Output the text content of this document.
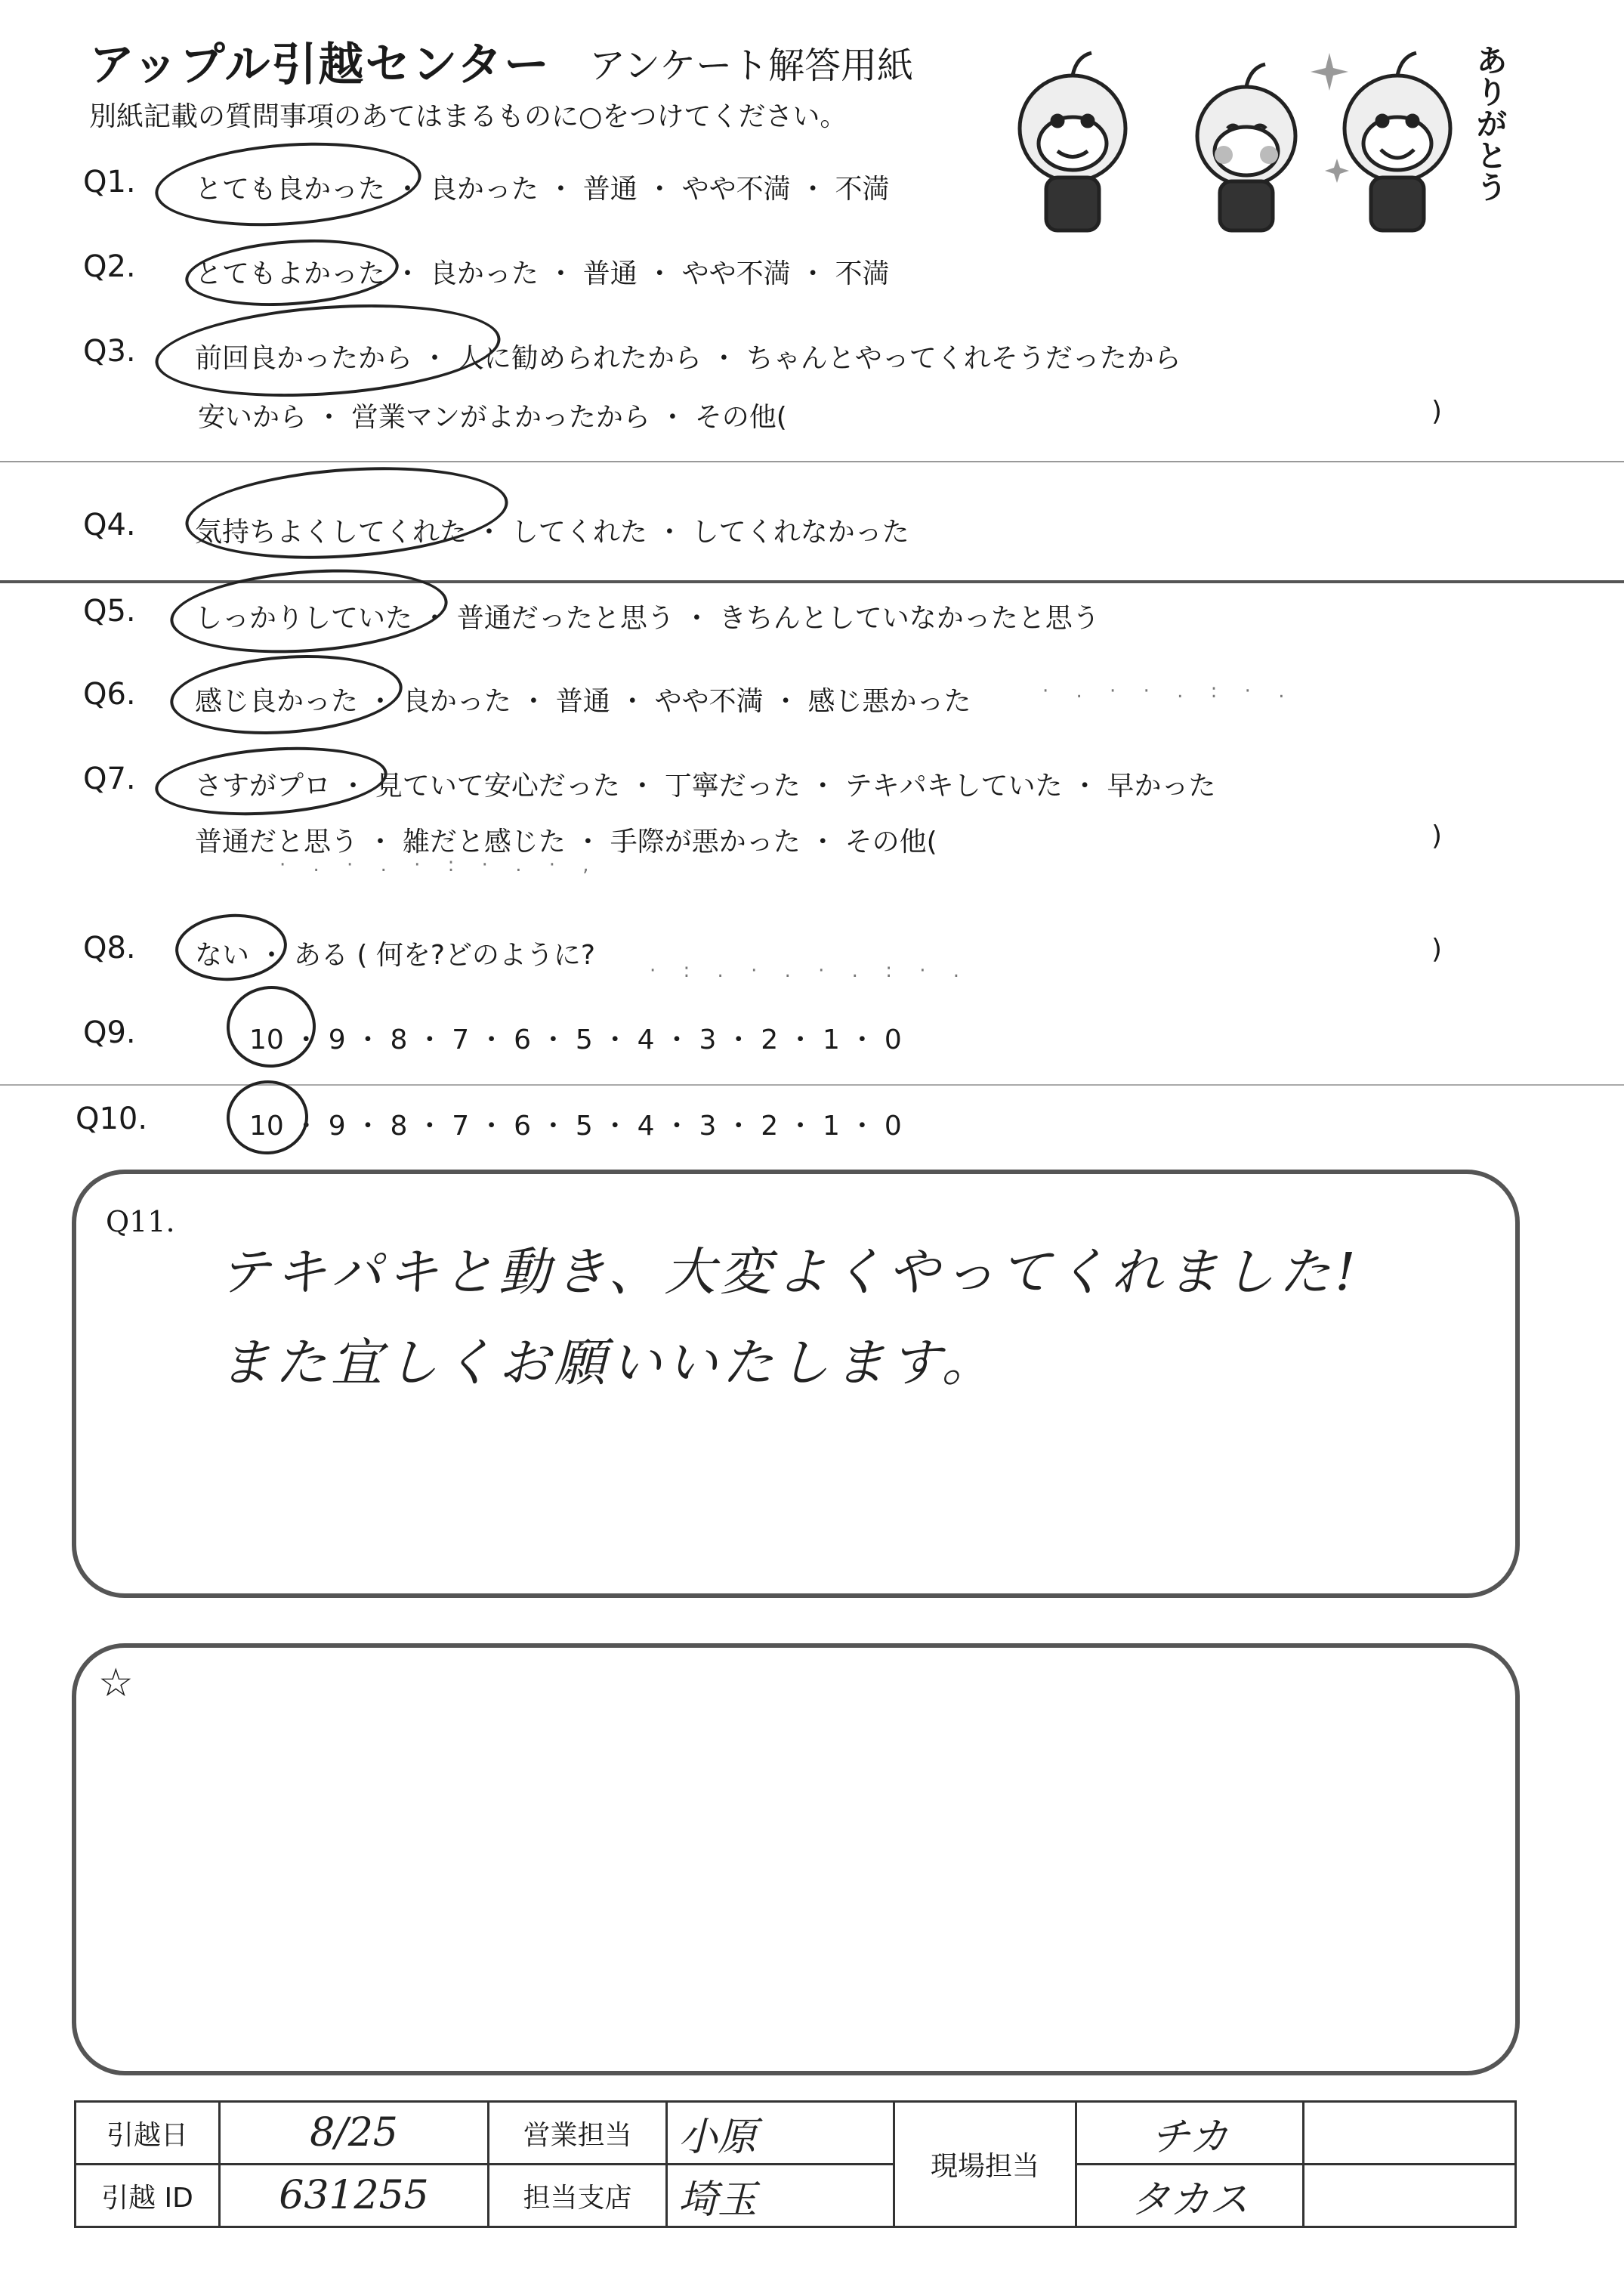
アップル引越センター アンケート解答用紙
別紙記載の質問事項のあてはまるものに○をつけてください。
ありがとう
Q1. とても良かった ・ 良かった ・ 普通 ・ やや不満 ・ 不満
Q2. とてもよかった ・ 良かった ・ 普通 ・ やや不満 ・ 不満
Q3. 前回良かったから ・ 人に勧められたから ・ ちゃんとやってくれそうだったから
安いから ・ 営業マンがよかったから ・ その他(	)
Q4. 気持ちよくしてくれた ・ してくれた ・ してくれなかった
Q5. しっかりしていた ・ 普通だったと思う ・ きちんとしていなかったと思う
Q6. 感じ良かった ・ 良かった ・ 普通 ・ やや不満 ・ 感じ悪かった	· . · · . : · .
Q7. さすがプロ ・ 見ていて安心だった ・ 丁寧だった ・ テキパキしていた ・ 早かった
普通だと思う ・ 雑だと感じた ・ 手際が悪かった ・ その他(	)
· . · . · : · . · ,
Q8. ない ・ ある ( 何を?どのように?	)
· : . · . · . : · .
Q9.	10 ・ 9 ・ 8 ・ 7 ・ 6 ・ 5 ・ 4 ・ 3 ・ 2 ・ 1 ・ 0
Q10.	10 ・ 9 ・ 8 ・ 7 ・ 6 ・ 5 ・ 4 ・ 3 ・ 2 ・ 1 ・ 0
Q11.
テキパキと動き、大変よくやってくれました!
また宜しくお願いいたします。
☆
引越日	8/25	営業担当	小原	現場担当	チカ	
引越 ID	631255	担当支店	埼玉		タカス	
